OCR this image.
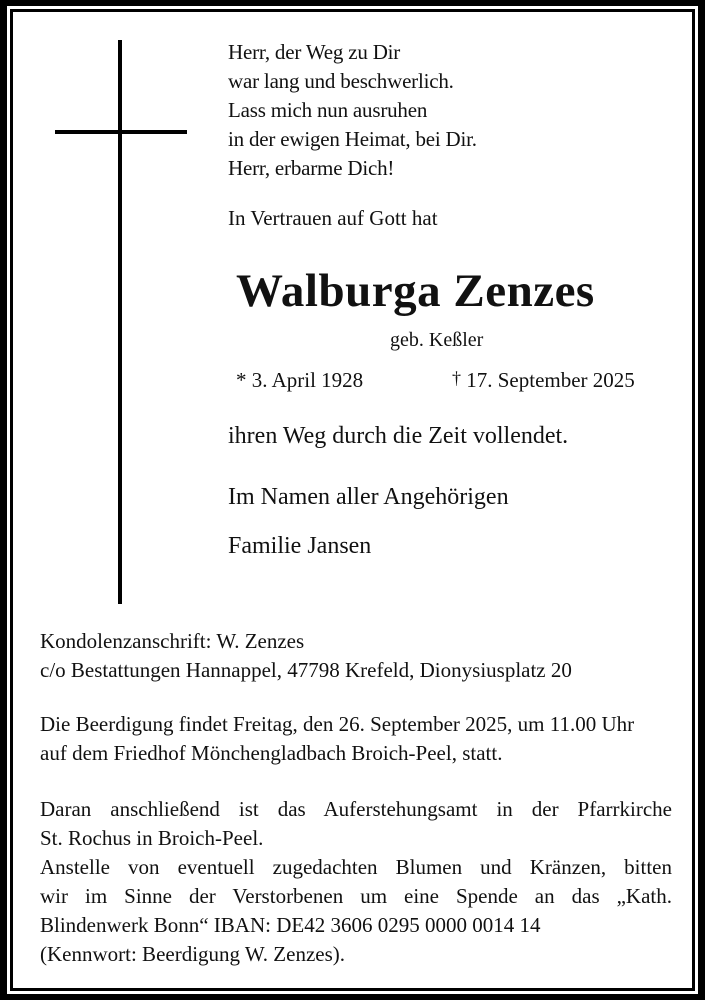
Herr, der Weg zu Dir
war lang und beschwerlich.
Lass mich nun ausruhen
in der ewigen Heimat, bei Dir.
Herr, erbarme Dich!
In Vertrauen auf Gott hat
Walburga Zenzes
geb. Keßler
* 3. April 1928	† 17. September 2025
ihren Weg durch die Zeit vollendet.
Im Namen aller Angehörigen
Familie Jansen
Kondolenzanschrift: W. Zenzes
c/o Bestattungen Hannappel, 47798 Krefeld, Dionysiusplatz 20
Die Beerdigung findet Freitag, den 26. September 2025, um 11.00 Uhr
auf dem Friedhof Mönchengladbach Broich-Peel, statt.
Daran anschließend ist das Auferstehungsamt in der Pfarrkirche
St. Rochus in Broich-Peel.
Anstelle von eventuell zugedachten Blumen und Kränzen, bitten
wir im Sinne der Verstorbenen um eine Spende an das „Kath.
Blindenwerk Bonn“ IBAN: DE42 3606 0295 0000 0014 14
(Kennwort: Beerdigung W. Zenzes).
